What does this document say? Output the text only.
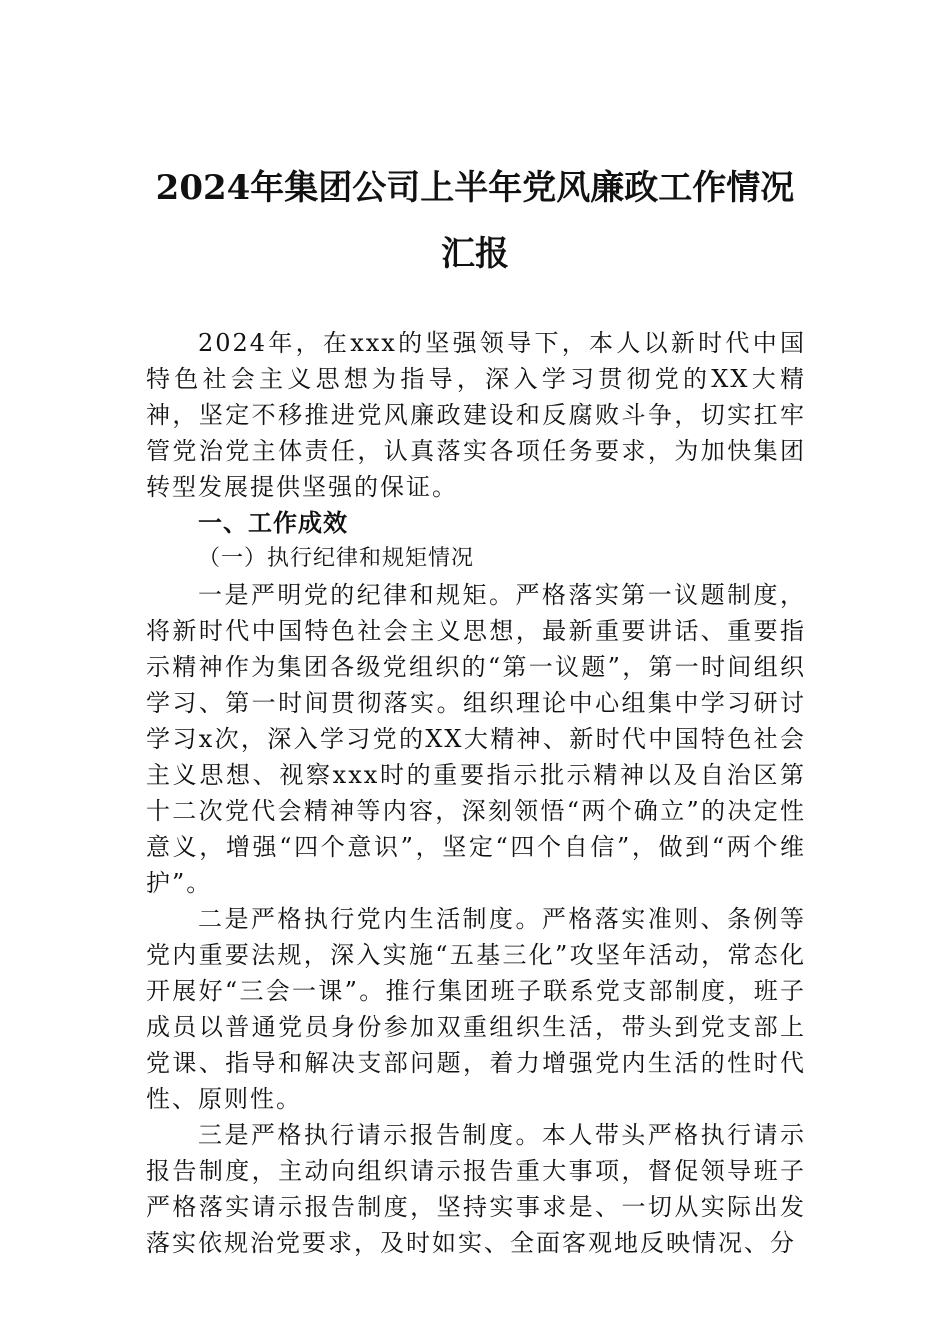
2024年集团公司上半年党风廉政工作情况
汇报

2024年，在xxx的坚强领导下，本人以新时代中国特色社会主义思想为指导，深入学习贯彻党的XX大精神，坚定不移推进党风廉政建设和反腐败斗争，切实扛牢管党治党主体责任，认真落实各项任务要求，为加快集团转型发展提供坚强的保证。

一、工作成效

（一）执行纪律和规矩情况

一是严明党的纪律和规矩。严格落实第一议题制度，将新时代中国特色社会主义思想，最新重要讲话、重要指示精神作为集团各级党组织的“第一议题”，第一时间组织学习、第一时间贯彻落实。组织理论中心组集中学习研讨学习x次，深入学习党的XX大精神、新时代中国特色社会主义思想、视察xxx时的重要指示批示精神以及自治区第十二次党代会精神等内容，深刻领悟“两个确立”的决定性意义，增强“四个意识”，坚定“四个自信”，做到“两个维护”。

二是严格执行党内生活制度。严格落实准则、条例等党内重要法规，深入实施“五基三化”攻坚年活动，常态化开展好“三会一课”。推行集团班子联系党支部制度，班子成员以普通党员身份参加双重组织生活，带头到党支部上党课、指导和解决支部问题，着力增强党内生活的性时代性、原则性。

三是严格执行请示报告制度。本人带头严格执行请示报告制度，主动向组织请示报告重大事项，督促领导班子严格落实请示报告制度，坚持实事求是、一切从实际出发落实依规治党要求，及时如实、全面客观地反映情况、分
